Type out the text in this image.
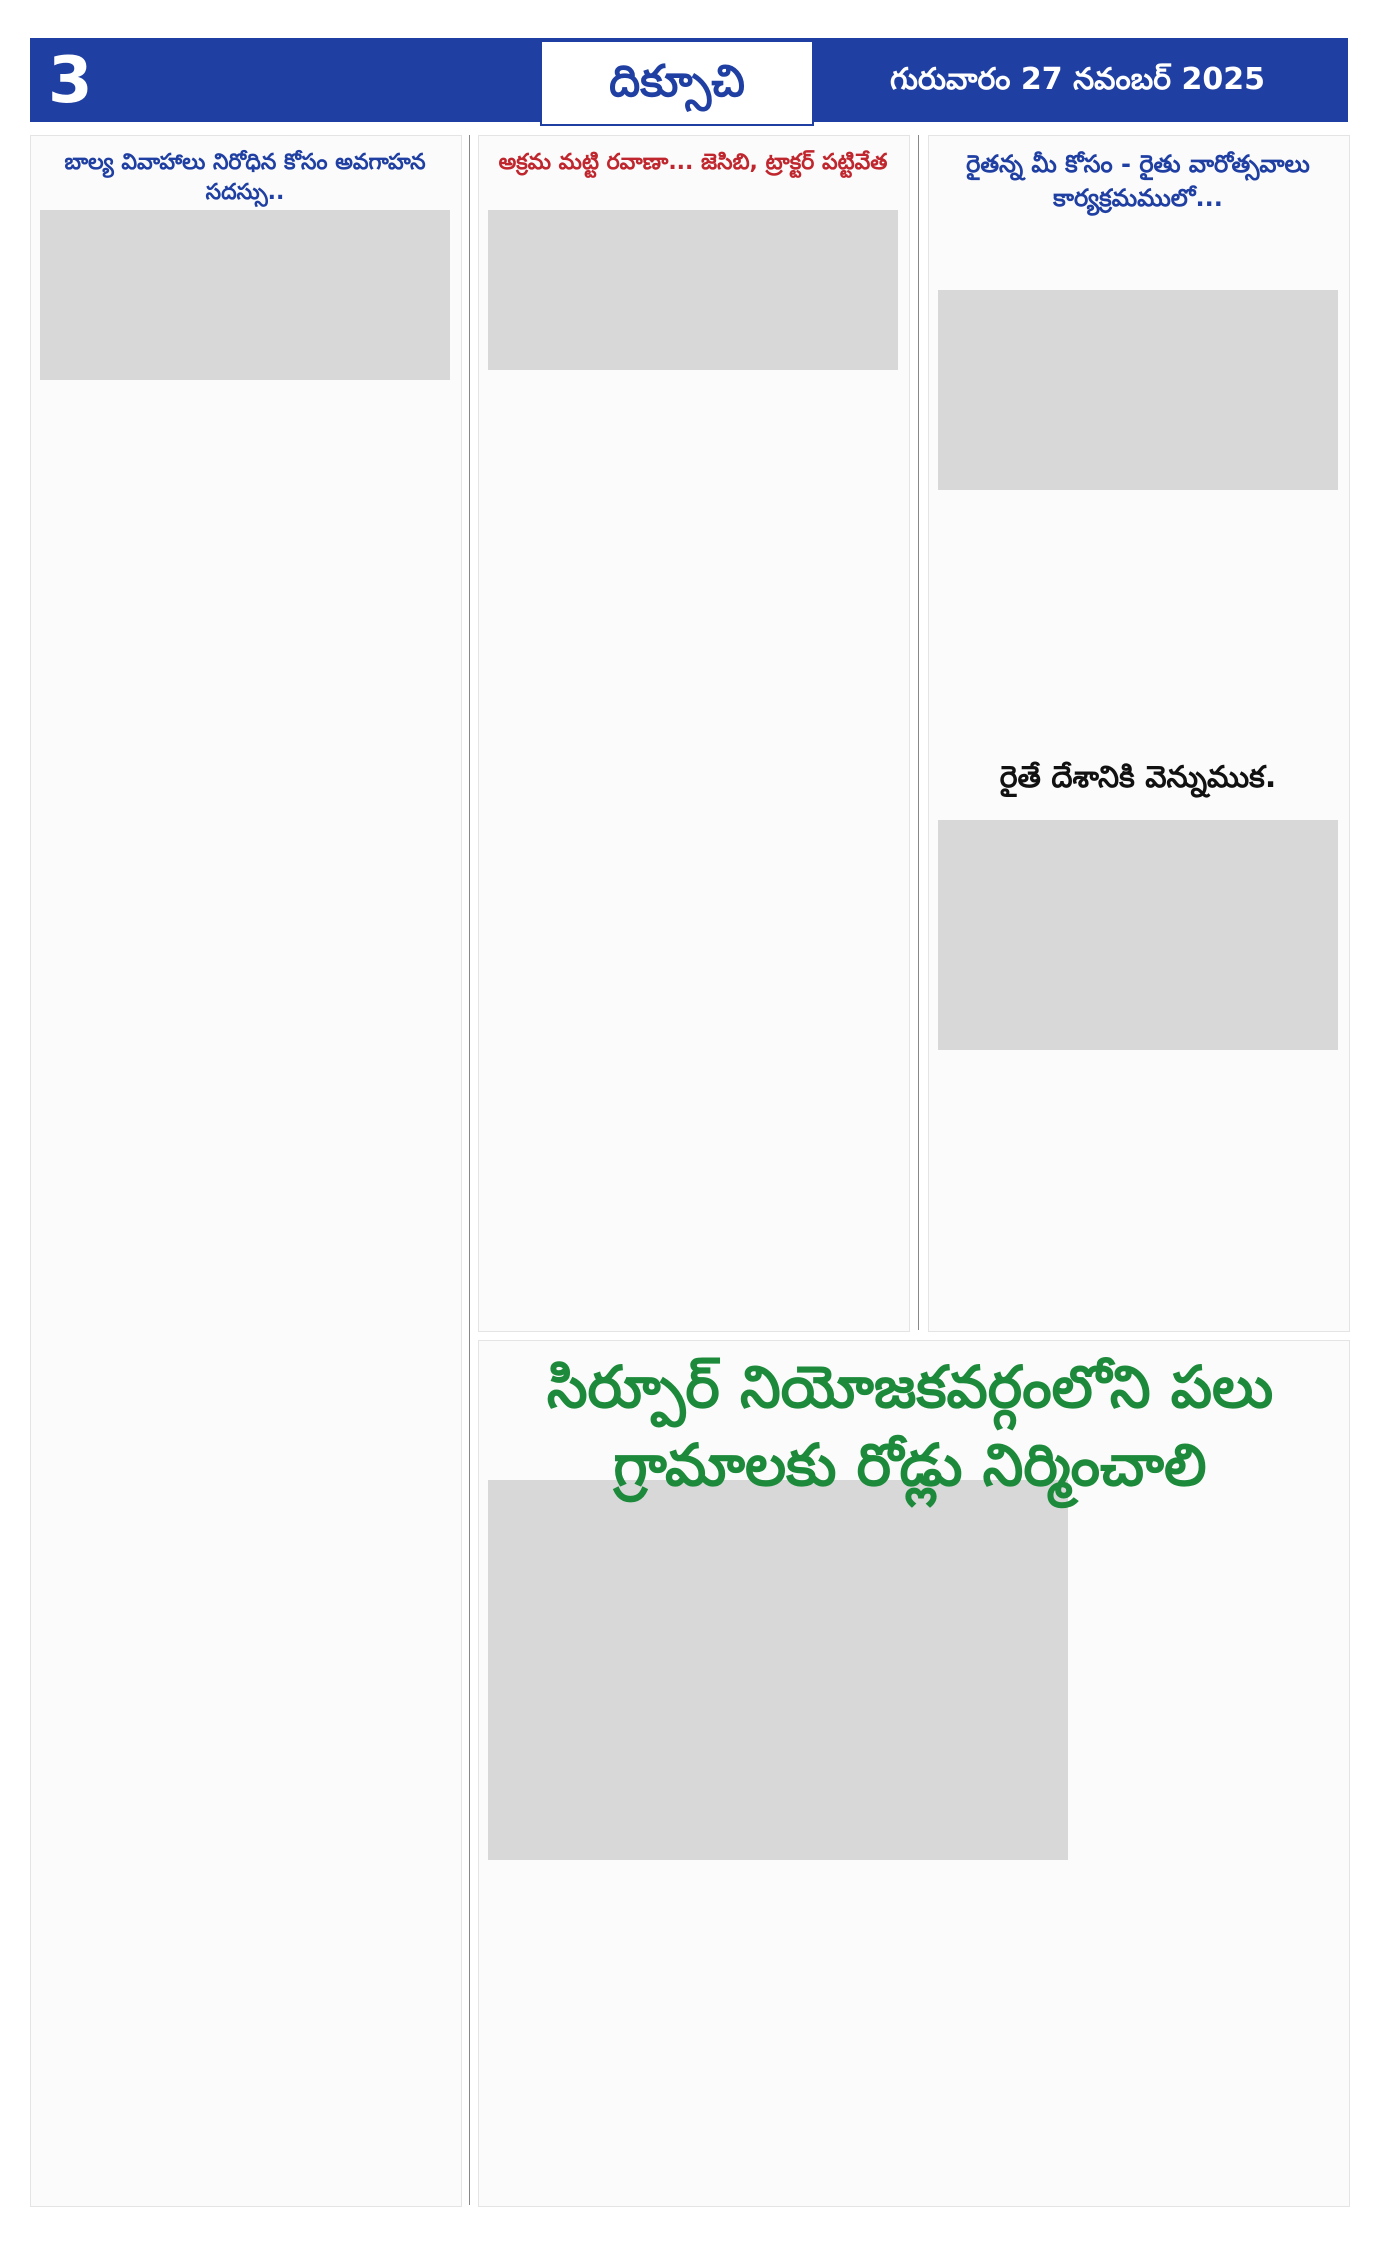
3	దిక్సూచి	గురువారం 27 నవంబర్ 2025
బాల్య వివాహాలు నిరోధిన కోసం అవగాహన సదస్సు..
అక్రమ మట్టి రవాణా... జెసిబి, ట్రాక్టర్ పట్టివేత	రైతన్న మీ కోసం - రైతు వారోత్సవాలు కార్యక్రమములో...
రైతే దేశానికి వెన్నుముక.
సిర్పూర్ నియోజకవర్గంలోని పలు గ్రామాలకు రోడ్లు నిర్మించాలి
